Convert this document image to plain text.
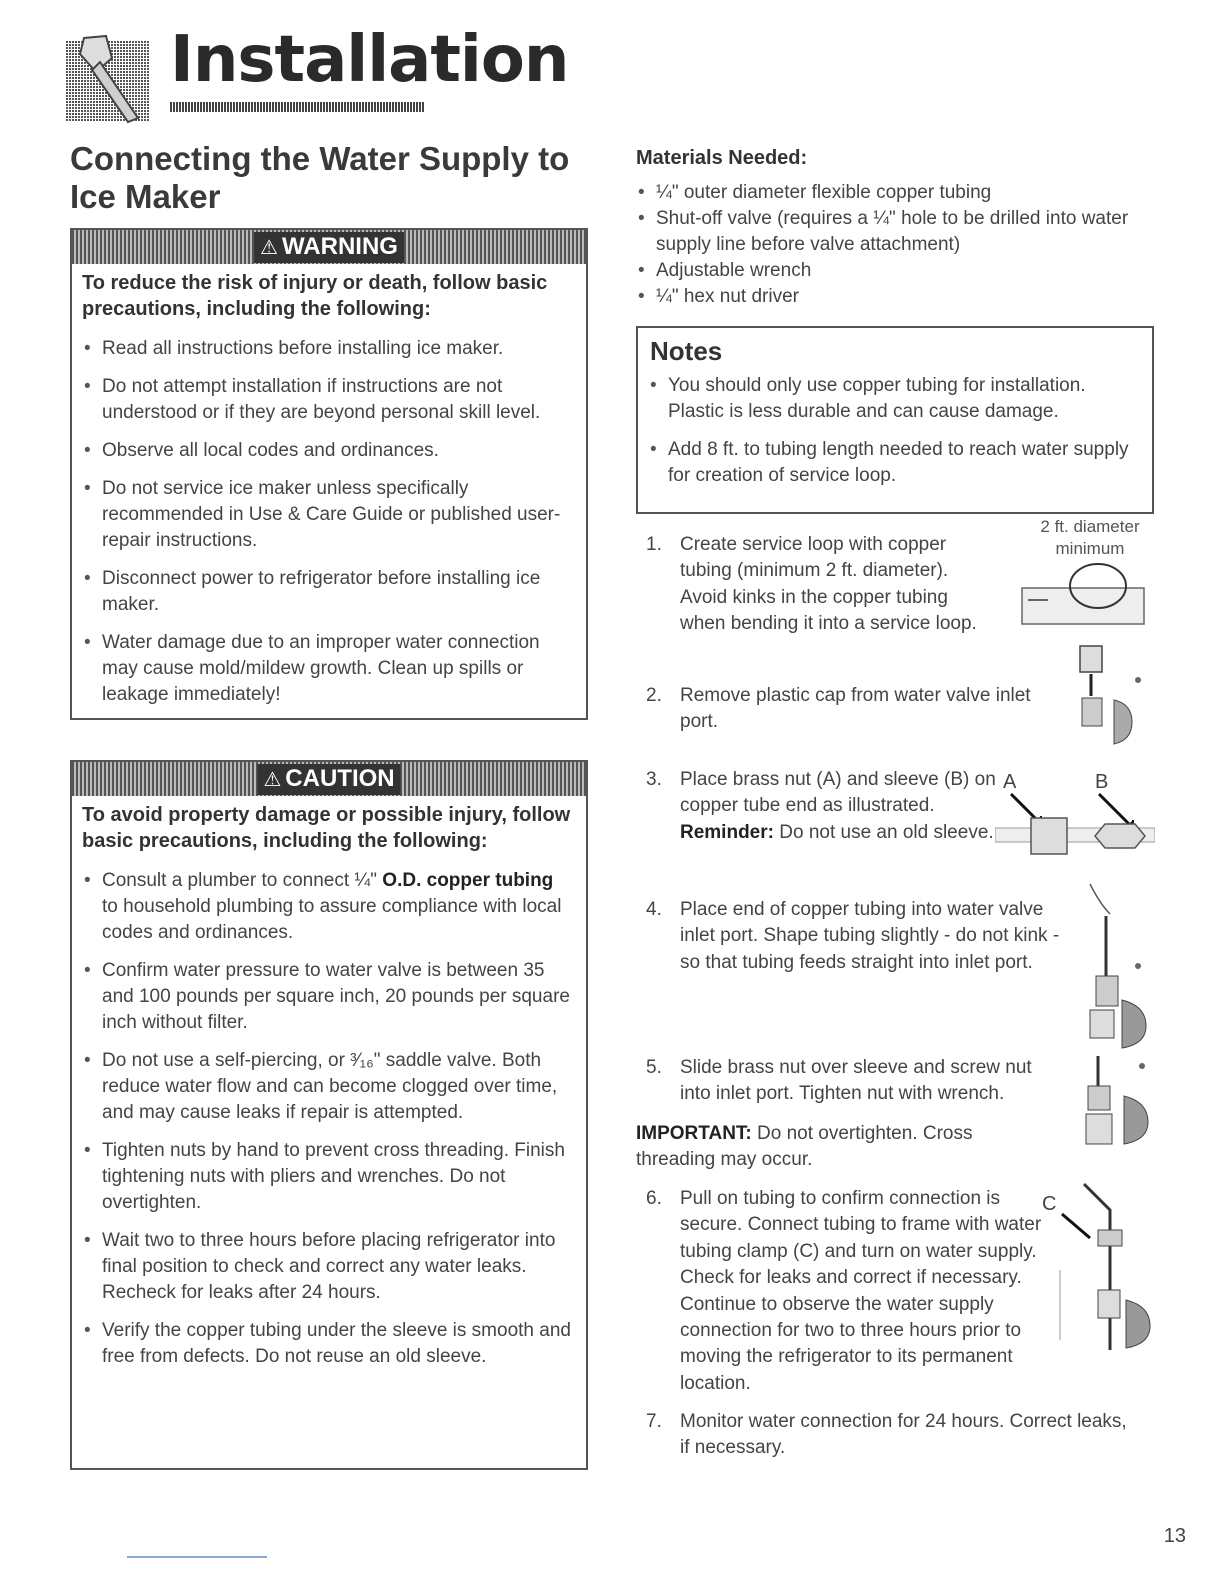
Installation
Connecting the Water Supply to Ice Maker
⚠ WARNING
To reduce the risk of injury or death, follow basic precautions, including the following:
• Read all instructions before installing ice maker.
• Do not attempt installation if instructions are not understood or if they are beyond personal skill level.
• Observe all local codes and ordinances.
• Do not service ice maker unless specifically recommended in Use & Care Guide or published user-repair instructions.
• Disconnect power to refrigerator before installing ice maker.
• Water damage due to an improper water connection may cause mold/mildew growth. Clean up spills or leakage immediately!
⚠ CAUTION
To avoid property damage or possible injury, follow basic precautions, including the following:
• Consult a plumber to connect ¼" O.D. copper tubing to household plumbing to assure compliance with local codes and ordinances.
• Confirm water pressure to water valve is between 35 and 100 pounds per square inch, 20 pounds per square inch without filter.
• Do not use a self-piercing, or ³⁄₁₆" saddle valve. Both reduce water flow and can become clogged over time, and may cause leaks if repair is attempted.
• Tighten nuts by hand to prevent cross threading. Finish tightening nuts with pliers and wrenches. Do not overtighten.
• Wait two to three hours before placing refrigerator into final position to check and correct any water leaks. Recheck for leaks after 24 hours.
• Verify the copper tubing under the sleeve is smooth and free from defects. Do not reuse an old sleeve.
Materials Needed:
• ¼" outer diameter flexible copper tubing
• Shut-off valve (requires a ¼" hole to be drilled into water supply line before valve attachment)
• Adjustable wrench
• ¼" hex nut driver
Notes
• You should only use copper tubing for installation. Plastic is less durable and can cause damage.
• Add 8 ft. to tubing length needed to reach water supply for creation of service loop.
2 ft. diameter
minimum
A	B
C
1. Create service loop with copper tubing (minimum 2 ft. diameter). Avoid kinks in the copper tubing when bending it into a service loop.
2. Remove plastic cap from water valve inlet port.
3. Place brass nut (A) and sleeve (B) on copper tube end as illustrated. Reminder: Do not use an old sleeve.
4. Place end of copper tubing into water valve inlet port. Shape tubing slightly - do not kink - so that tubing feeds straight into inlet port.
5. Slide brass nut over sleeve and screw nut into inlet port. Tighten nut with wrench.
IMPORTANT: Do not overtighten. Cross threading may occur.
6. Pull on tubing to confirm connection is secure. Connect tubing to frame with water tubing clamp (C) and turn on water supply. Check for leaks and correct if necessary. Continue to observe the water supply connection for two to three hours prior to moving the refrigerator to its permanent location.
7. Monitor water connection for 24 hours. Correct leaks, if necessary.
13
